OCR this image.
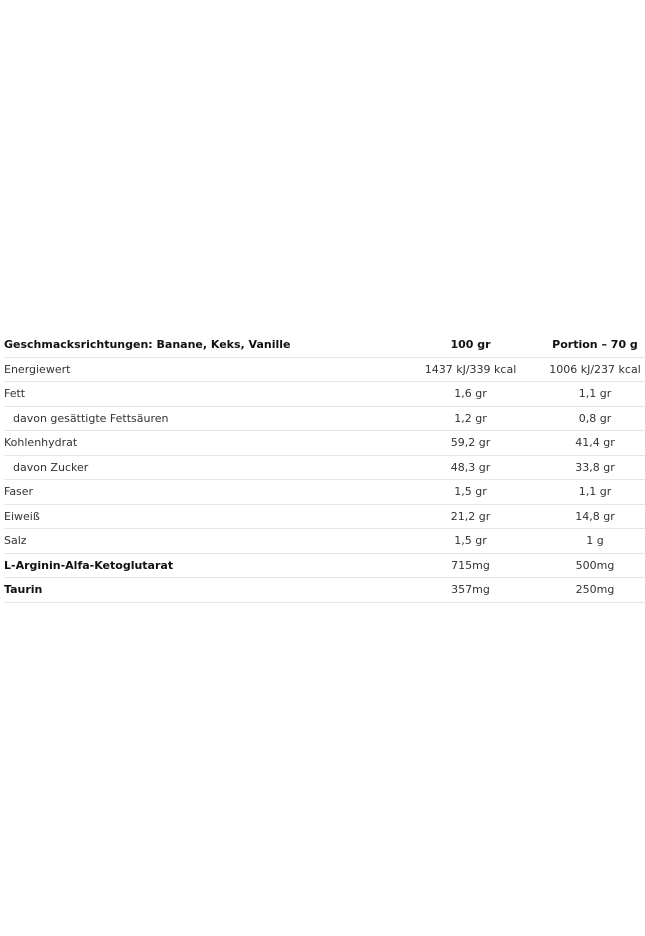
Geschmacksrichtungen: Banane, Keks, Vanille	100 gr	Portion – 70 g
Energiewert	1437 kJ/339 kcal	1006 kJ/237 kcal
Fett	1,6 gr	1,1 gr
davon gesättigte Fettsäuren	1,2 gr	0,8 gr
Kohlenhydrat	59,2 gr	41,4 gr
davon Zucker	48,3 gr	33,8 gr
Faser	1,5 gr	1,1 gr
Eiweiß	21,2 gr	14,8 gr
Salz	1,5 gr	1 g
L-Arginin-Alfa-Ketoglutarat	715mg	500mg
Taurin	357mg	250mg
